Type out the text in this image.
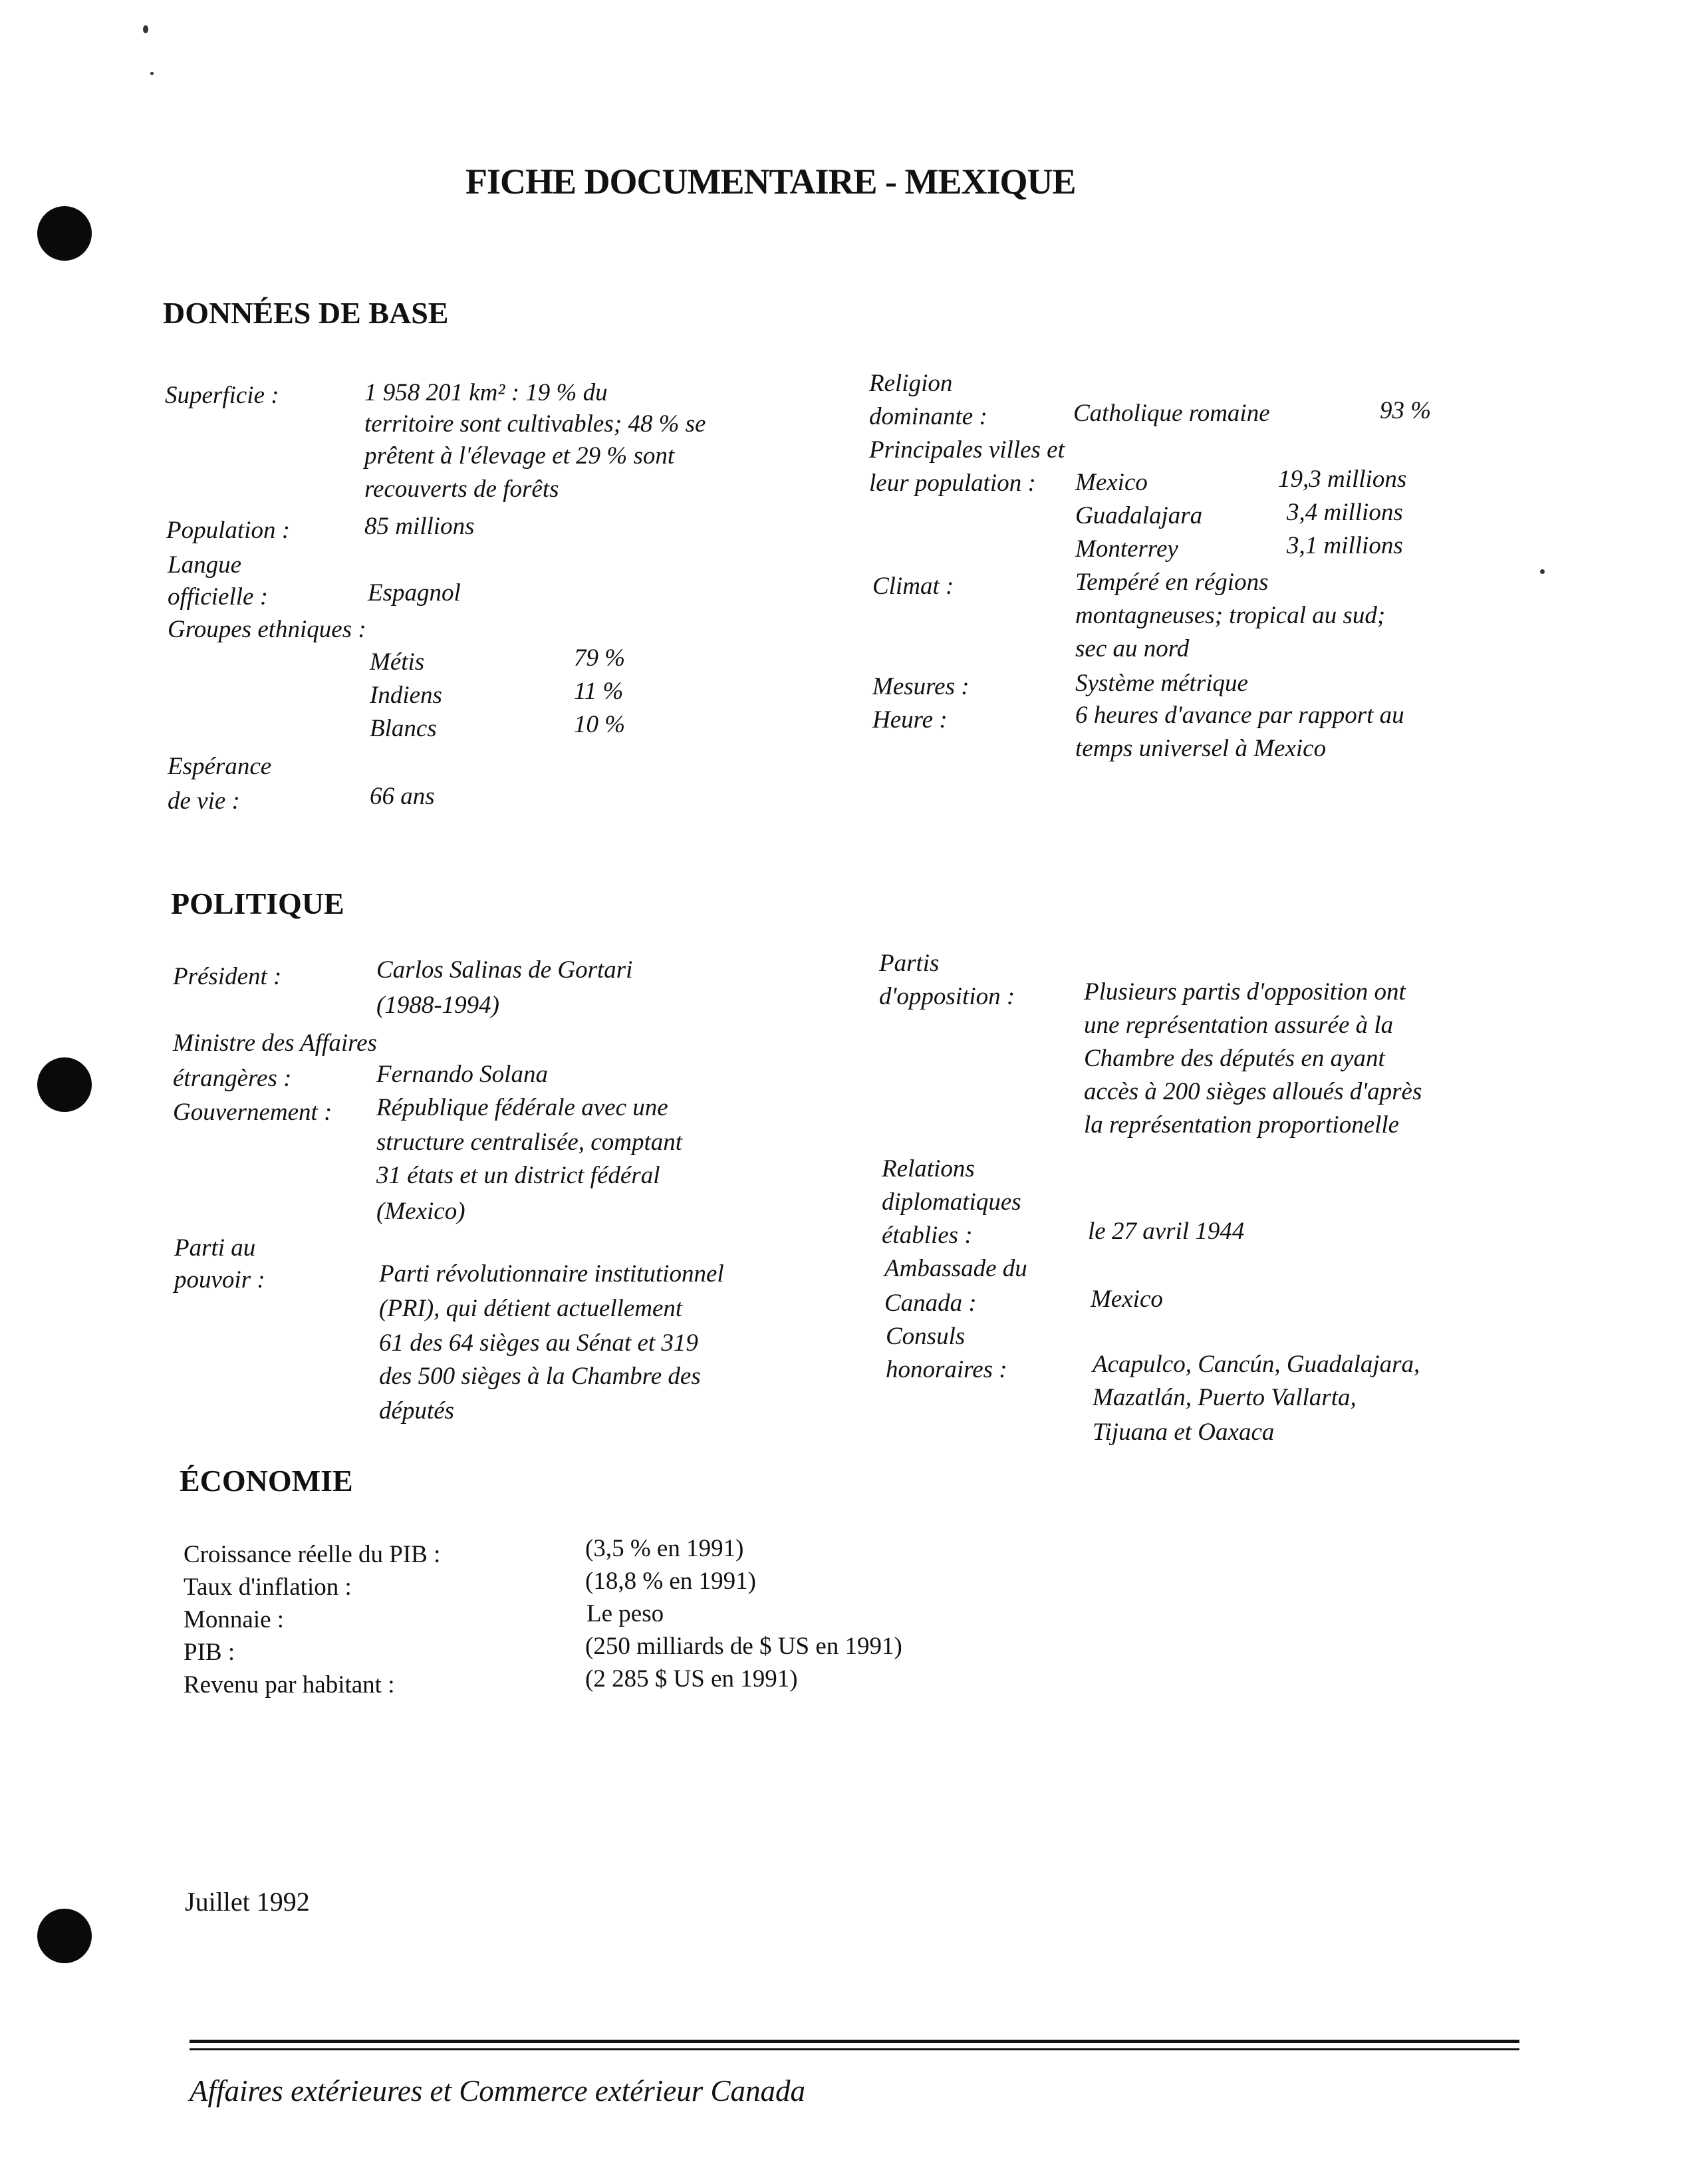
FICHE DOCUMENTAIRE - MEXIQUE
DONNÉES DE BASE
Superficie :	1 958 201 km² : 19 % du
territoire sont cultivables; 48 % se
prêtent à l'élevage et 29 % sont
recouverts de forêts
Population :	85 millions
Langue
officielle :	Espagnol
Groupes ethniques :
Métis	79 %
Indiens	11 %
Blancs	10 %
Espérance
de vie :	66 ans
Religion
dominante :	Catholique romaine	93 %
Principales villes et
leur population : Mexico	19,3 millions
Guadalajara	3,4 millions
Monterrey	3,1 millions
Climat :	Tempéré en régions
montagneuses; tropical au sud;
sec au nord
Mesures :	Système métrique
Heure :	6 heures d'avance par rapport au
temps universel à Mexico
POLITIQUE
Président :	Carlos Salinas de Gortari
(1988-1994)
Ministre des Affaires
étrangères :	Fernando Solana
Gouvernement : République fédérale avec une
structure centralisée, comptant
31 états et un district fédéral
(Mexico)
Parti au
pouvoir :	Parti révolutionnaire institutionnel
(PRI), qui détient actuellement
61 des 64 sièges au Sénat et 319
des 500 sièges à la Chambre des
députés
Partis
d'opposition :	Plusieurs partis d'opposition ont
une représentation assurée à la
Chambre des députés en ayant
accès à 200 sièges alloués d'après
la représentation proportionelle
Relations
diplomatiques
établies :	le 27 avril 1944
Ambassade du
Canada :	Mexico
Consuls
honoraires :	Acapulco, Cancún, Guadalajara,
Mazatlán, Puerto Vallarta,
Tijuana et Oaxaca
ÉCONOMIE
Croissance réelle du PIB :	(3,5 % en 1991)
Taux d'inflation :	(18,8 % en 1991)
Monnaie :	Le peso
PIB :	(250 milliards de $ US en 1991)
Revenu par habitant :	(2 285 $ US en 1991)
Juillet 1992
Affaires extérieures et Commerce extérieur Canada
